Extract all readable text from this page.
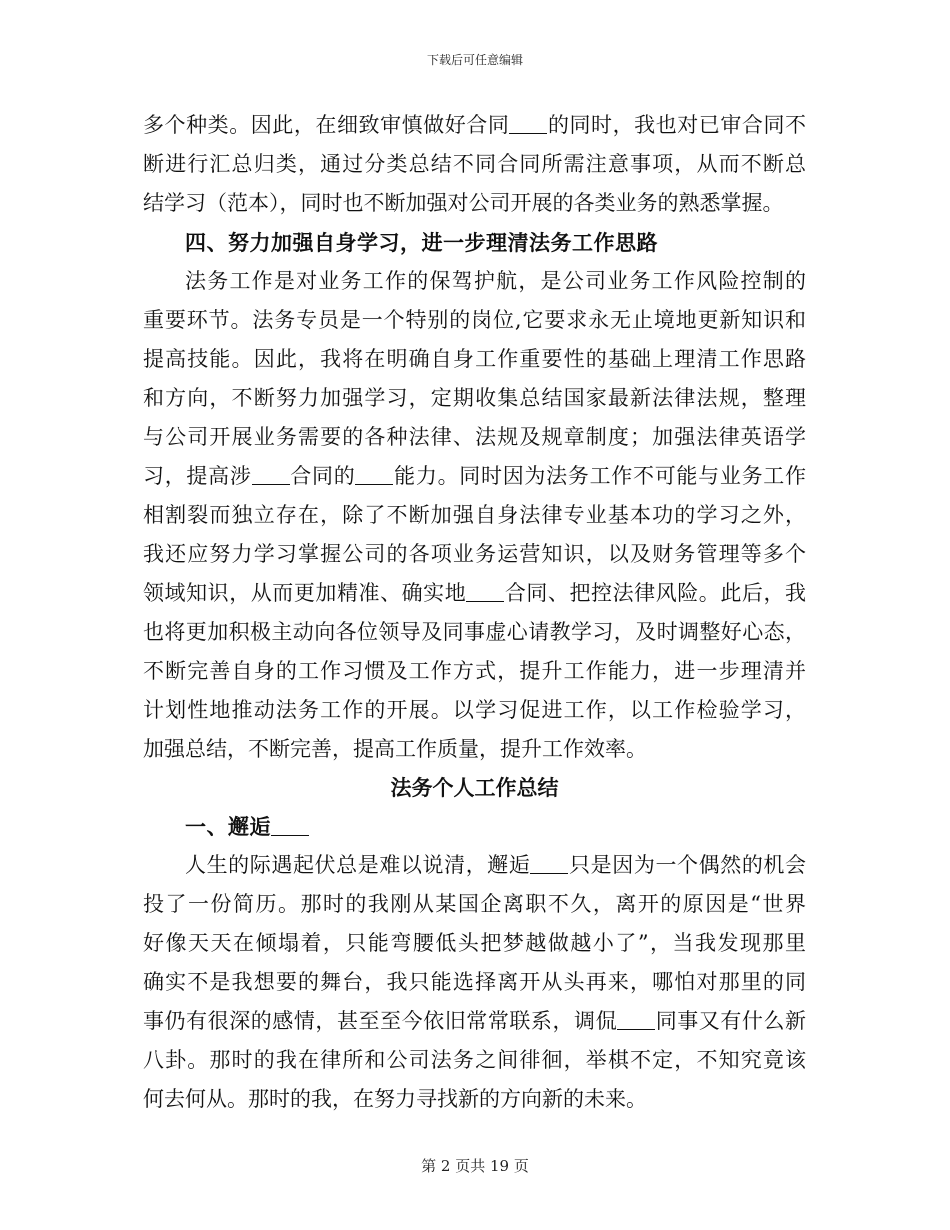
下载后可任意编辑
多个种类。因此，在细致审慎做好合同 的同时，我也对已审合同不
断进行汇总归类，通过分类总结不同合同所需注意事项，从而不断总
结学习（范本），同时也不断加强对公司开展的各类业务的熟悉掌握。
四、努力加强自身学习，进一步理清法务工作思路
法务工作是对业务工作的保驾护航，是公司业务工作风险控制的
重要环节。法务专员是一个特别的岗位,它要求永无止境地更新知识和
提高技能。因此，我将在明确自身工作重要性的基础上理清工作思路
和方向，不断努力加强学习，定期收集总结国家最新法律法规，整理
与公司开展业务需要的各种法律、法规及规章制度；加强法律英语学
习，提高涉 合同的 能力。同时因为法务工作不可能与业务工作
相割裂而独立存在，除了不断加强自身法律专业基本功的学习之外，
我还应努力学习掌握公司的各项业务运营知识，以及财务管理等多个
领域知识，从而更加精准、确实地 合同、把控法律风险。此后，我
也将更加积极主动向各位领导及同事虚心请教学习，及时调整好心态，
不断完善自身的工作习惯及工作方式，提升工作能力，进一步理清并
计划性地推动法务工作的开展。以学习促进工作，以工作检验学习，
加强总结，不断完善，提高工作质量，提升工作效率。
法务个人工作总结
一、邂逅
人生的际遇起伏总是难以说清，邂逅 只是因为一个偶然的机会
投了一份简历。那时的我刚从某国企离职不久，离开的原因是“世界
好像天天在倾塌着，只能弯腰低头把梦越做越小了”，当我发现那里
确实不是我想要的舞台，我只能选择离开从头再来，哪怕对那里的同
事仍有很深的感情，甚至至今依旧常常联系，调侃 同事又有什么新
八卦。那时的我在律所和公司法务之间徘徊，举棋不定，不知究竟该
何去何从。那时的我，在努力寻找新的方向新的未来。
第 2 页共 19 页
